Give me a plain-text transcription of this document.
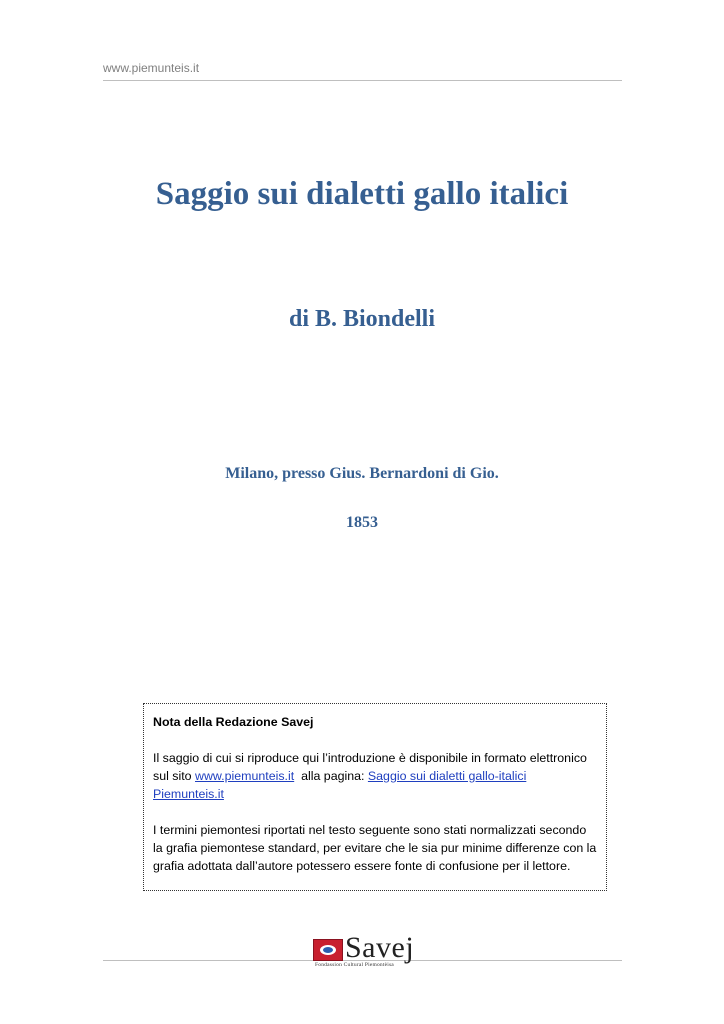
www.piemunteis.it
Saggio sui dialetti gallo italici
di B. Biondelli
Milano, presso Gius. Bernardoni di Gio.
1853
Nota della Redazione Savej

Il saggio di cui si riproduce qui l’introduzione è disponibile in formato elettronico sul sito www.piemunteis.it  alla pagina: Saggio sui dialetti gallo-italici Piemunteis.it

I termini piemontesi riportati nel testo seguente sono stati normalizzati secondo la grafia piemontese standard, per evitare che le sia pur minime differenze con la grafia adottata dall’autore potessero essere fonte di confusione per il lettore.

Savej
Fondassion Cultural Piemontèisa
